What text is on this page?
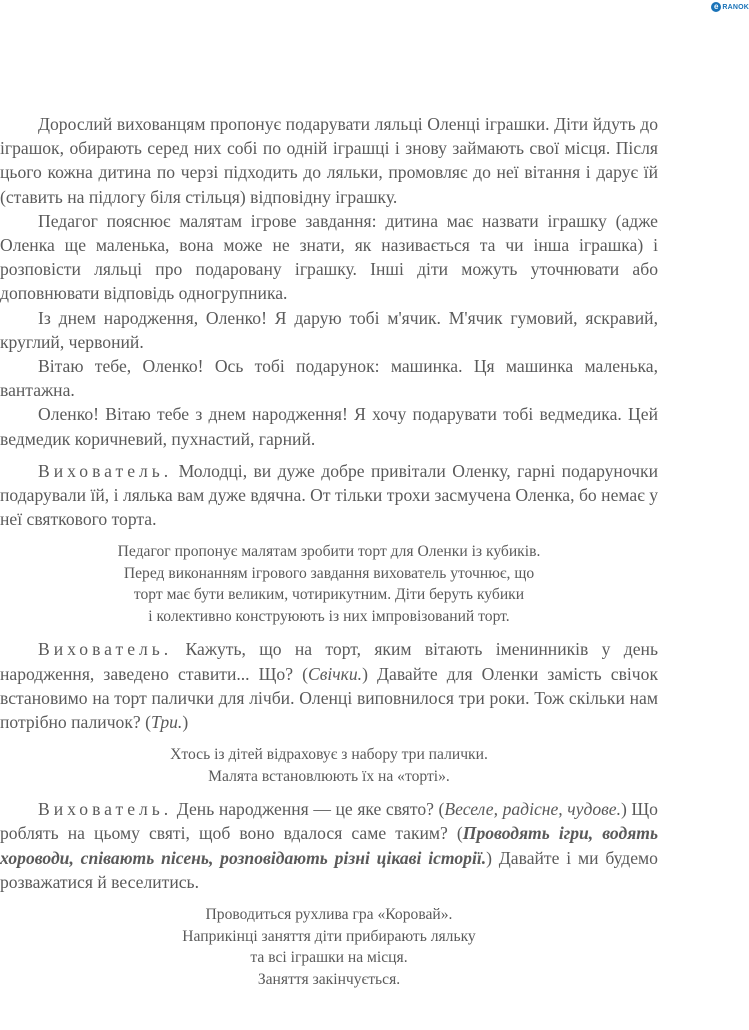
e RANOK

Дорослий вихованцям пропонує подарувати ляльці Оленці іграшки. Діти йдуть до іграшок, обирають серед них собі по одній іграшці і знову займають свої місця. Після цього кожна дитина по черзі підходить до ляльки, промовляє до неї вітання і дарує їй (ставить на підлогу біля стільця) відповідну іграшку.

Педагог пояснює малятам ігрове завдання: дитина має назвати іграшку (адже Оленка ще маленька, вона може не знати, як називається та чи інша іграшка) і розповісти ляльці про подаровану іграшку. Інші діти можуть уточнювати або доповнювати відповідь одногрупника.

Із днем народження, Оленко! Я дарую тобі м'ячик. М'ячик гумовий, яскравий, круглий, червоний.

Вітаю тебе, Оленко! Ось тобі подарунок: машинка. Ця машинка маленька, вантажна.

Оленко! Вітаю тебе з днем народження! Я хочу подарувати тобі ведмедика. Цей ведмедик коричневий, пухнастий, гарний.

Вихователь. Молодці, ви дуже добре привітали Оленку, гарні подаруночки подарували їй, і лялька вам дуже вдячна. От тільки трохи засмучена Оленка, бо немає у неї святкового торта.

Педагог пропонує малятам зробити торт для Оленки із кубиків.
Перед виконанням ігрового завдання вихователь уточнює, що
торт має бути великим, чотирикутним. Діти беруть кубики
і колективно конструюють із них імпровізований торт.

Вихователь. Кажуть, що на торт, яким вітають іменинників у день народження, заведено ставити... Що? (Свічки.) Давайте для Оленки замість свічок встановимо на торт палички для лічби. Оленці виповнилося три роки. Тож скільки нам потрібно паличок? (Три.)

Хтось із дітей відраховує з набору три палички.
Малята встановлюють їх на «торті».

Вихователь. День народження — це яке свято? (Веселе, радісне, чудове.) Що роблять на цьому святі, щоб воно вдалося саме таким? (Проводять ігри, водять хороводи, співають пісень, розповідають різні цікаві історії.) Давайте і ми будемо розважатися й веселитись.

Проводиться рухлива гра «Коровай».
Наприкінці заняття діти прибирають ляльку
та всі іграшки на місця.
Заняття закінчується.
